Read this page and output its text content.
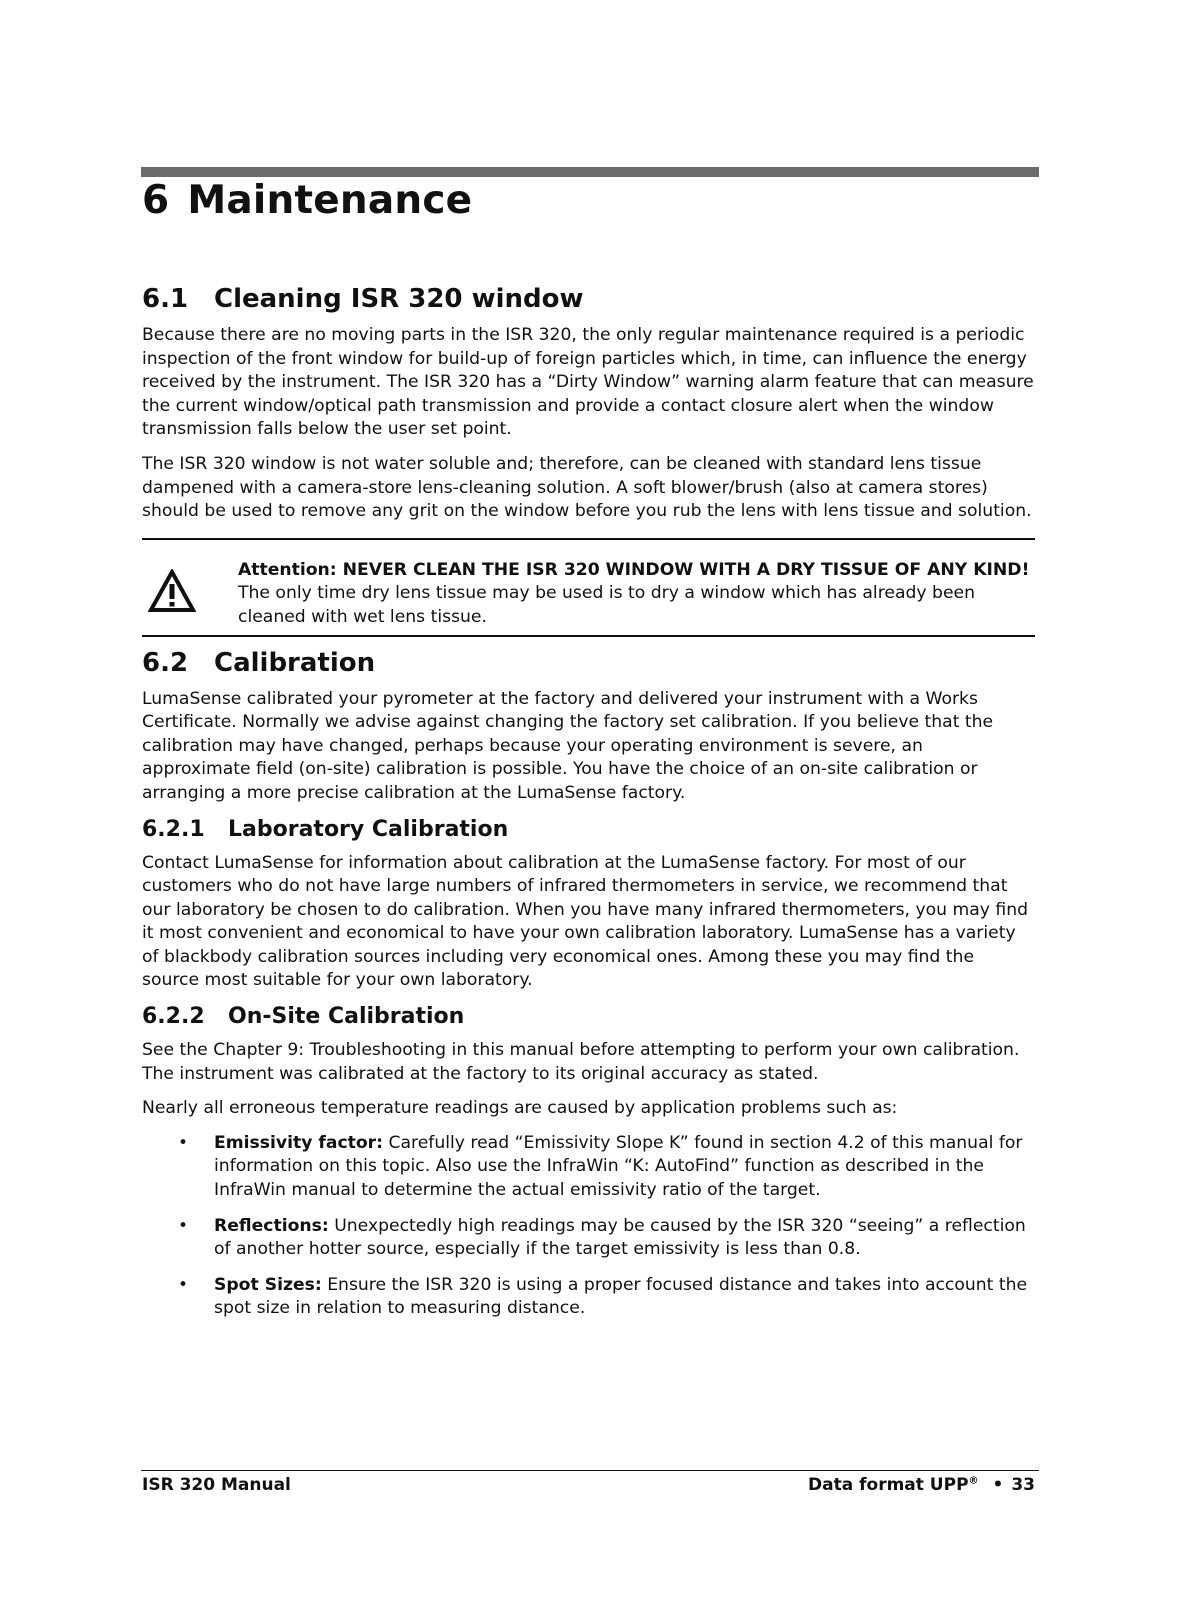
6 Maintenance
6.1 Cleaning ISR 320 window

Because there are no moving parts in the ISR 320, the only regular maintenance required is a periodic inspection of the front window for build-up of foreign particles which, in time, can influence the energy received by the instrument. The ISR 320 has a “Dirty Window” warning alarm feature that can measure the current window/optical path transmission and provide a contact closure alert when the window transmission falls below the user set point.

The ISR 320 window is not water soluble and; therefore, can be cleaned with standard lens tissue dampened with a camera-store lens-cleaning solution. A soft blower/brush (also at camera stores) should be used to remove any grit on the window before you rub the lens with lens tissue and solution.

Attention: NEVER CLEAN THE ISR 320 WINDOW WITH A DRY TISSUE OF ANY KIND! The only time dry lens tissue may be used is to dry a window which has already been cleaned with wet lens tissue.
6.2 Calibration

LumaSense calibrated your pyrometer at the factory and delivered your instrument with a Works Certificate. Normally we advise against changing the factory set calibration. If you believe that the calibration may have changed, perhaps because your operating environment is severe, an approximate field (on-site) calibration is possible. You have the choice of an on-site calibration or arranging a more precise calibration at the LumaSense factory.

6.2.1 Laboratory Calibration

Contact LumaSense for information about calibration at the LumaSense factory. For most of our customers who do not have large numbers of infrared thermometers in service, we recommend that our laboratory be chosen to do calibration. When you have many infrared thermometers, you may find it most convenient and economical to have your own calibration laboratory. LumaSense has a variety of blackbody calibration sources including very economical ones. Among these you may find the source most suitable for your own laboratory.

6.2.2 On-Site Calibration

See the Chapter 9: Troubleshooting in this manual before attempting to perform your own calibration. The instrument was calibrated at the factory to its original accuracy as stated.

Nearly all erroneous temperature readings are caused by application problems such as:

• Emissivity factor: Carefully read “Emissivity Slope K” found in section 4.2 of this manual for information on this topic. Also use the InfraWin “K: AutoFind” function as described in the InfraWin manual to determine the actual emissivity ratio of the target.
• Reflections: Unexpectedly high readings may be caused by the ISR 320 “seeing” a reflection of another hotter source, especially if the target emissivity is less than 0.8.
• Spot Sizes: Ensure the ISR 320 is using a proper focused distance and takes into account the spot size in relation to measuring distance.
ISR 320 Manual	Data format UPP® • 33
